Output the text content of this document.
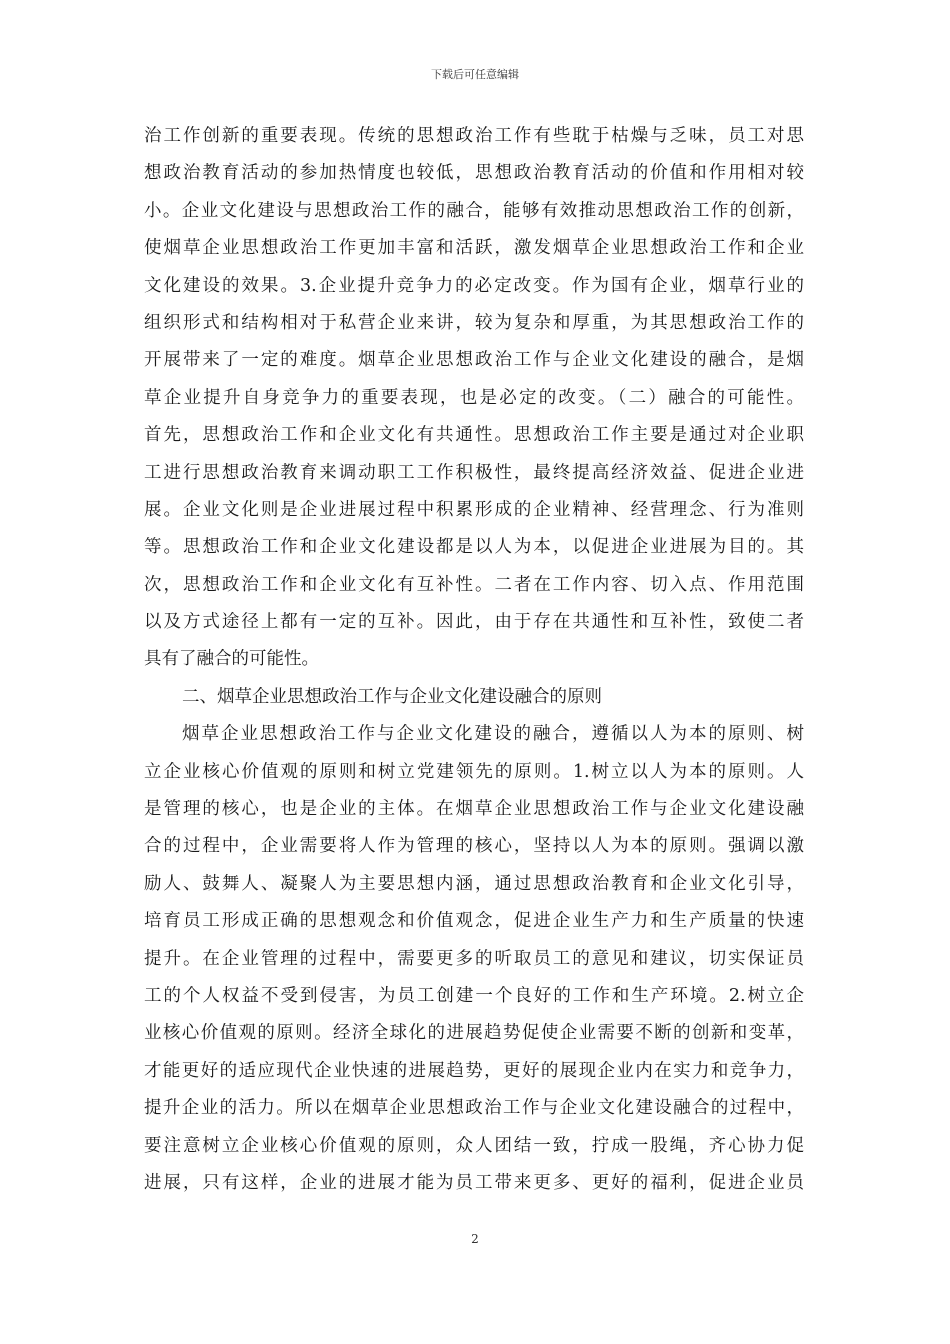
下载后可任意编辑
治工作创新的重要表现。传统的思想政治工作有些耽于枯燥与乏味，员工对思
想政治教育活动的参加热情度也较低，思想政治教育活动的价值和作用相对较
小。企业文化建设与思想政治工作的融合，能够有效推动思想政治工作的创新，
使烟草企业思想政治工作更加丰富和活跃，激发烟草企业思想政治工作和企业
文化建设的效果。3.企业提升竞争力的必定改变。作为国有企业，烟草行业的
组织形式和结构相对于私营企业来讲，较为复杂和厚重，为其思想政治工作的
开展带来了一定的难度。烟草企业思想政治工作与企业文化建设的融合，是烟
草企业提升自身竞争力的重要表现，也是必定的改变。（二）融合的可能性。
首先，思想政治工作和企业文化有共通性。思想政治工作主要是通过对企业职
工进行思想政治教育来调动职工工作积极性，最终提高经济效益、促进企业进
展。企业文化则是企业进展过程中积累形成的企业精神、经营理念、行为准则
等。思想政治工作和企业文化建设都是以人为本，以促进企业进展为目的。其
次，思想政治工作和企业文化有互补性。二者在工作内容、切入点、作用范围
以及方式途径上都有一定的互补。因此，由于存在共通性和互补性，致使二者
具有了融合的可能性。
二、烟草企业思想政治工作与企业文化建设融合的原则
烟草企业思想政治工作与企业文化建设的融合，遵循以人为本的原则、树
立企业核心价值观的原则和树立党建领先的原则。1.树立以人为本的原则。人
是管理的核心，也是企业的主体。在烟草企业思想政治工作与企业文化建设融
合的过程中，企业需要将人作为管理的核心，坚持以人为本的原则。强调以激
励人、鼓舞人、凝聚人为主要思想内涵，通过思想政治教育和企业文化引导，
培育员工形成正确的思想观念和价值观念，促进企业生产力和生产质量的快速
提升。在企业管理的过程中，需要更多的听取员工的意见和建议，切实保证员
工的个人权益不受到侵害，为员工创建一个良好的工作和生产环境。2.树立企
业核心价值观的原则。经济全球化的进展趋势促使企业需要不断的创新和变革，
才能更好的适应现代企业快速的进展趋势，更好的展现企业内在实力和竞争力，
提升企业的活力。所以在烟草企业思想政治工作与企业文化建设融合的过程中，
要注意树立企业核心价值观的原则，众人团结一致，拧成一股绳，齐心协力促
进展，只有这样，企业的进展才能为员工带来更多、更好的福利，促进企业员
2
